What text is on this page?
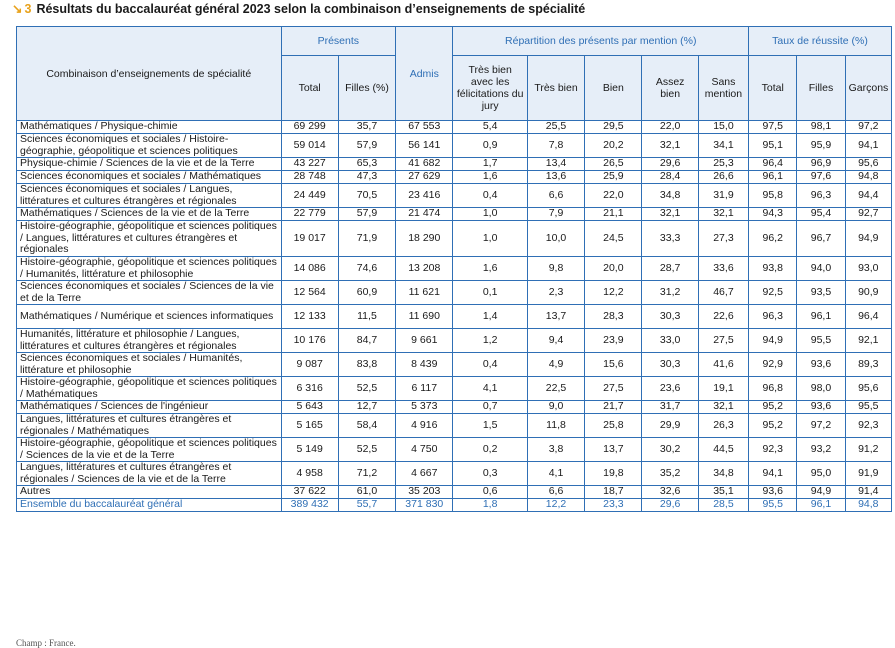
↘ 3 Résultats du baccalauréat général 2023 selon la combinaison d’enseignements de spécialité
Combinaison d’enseignements de spécialité	Présents		Admis	Répartition des présents par mention (%)					Taux de réussite (%)		
	Total	Filles (%)		Très bien avec les félicitations du jury	Très bien	Bien	Assez bien	Sans mention	Total	Filles	Garçons
Mathématiques / Physique-chimie	69 299	35,7	67 553	5,4	25,5	29,5	22,0	15,0	97,5	98,1	97,2
Sciences économiques et sociales / Histoire-géographie, géopolitique et sciences politiques	59 014	57,9	56 141	0,9	7,8	20,2	32,1	34,1	95,1	95,9	94,1
Physique-chimie / Sciences de la vie et de la Terre	43 227	65,3	41 682	1,7	13,4	26,5	29,6	25,3	96,4	96,9	95,6
Sciences économiques et sociales / Mathématiques	28 748	47,3	27 629	1,6	13,6	25,9	28,4	26,6	96,1	97,6	94,8
Sciences économiques et sociales / Langues, littératures et cultures étrangères et régionales	24 449	70,5	23 416	0,4	6,6	22,0	34,8	31,9	95,8	96,3	94,4
Mathématiques / Sciences de la vie et de la Terre	22 779	57,9	21 474	1,0	7,9	21,1	32,1	32,1	94,3	95,4	92,7
Histoire-géographie, géopolitique et sciences politiques / Langues, littératures et cultures étrangères et régionales	19 017	71,9	18 290	1,0	10,0	24,5	33,3	27,3	96,2	96,7	94,9
Histoire-géographie, géopolitique et sciences politiques / Humanités, littérature et philosophie	14 086	74,6	13 208	1,6	9,8	20,0	28,7	33,6	93,8	94,0	93,0
Sciences économiques et sociales / Sciences de la vie et de la Terre	12 564	60,9	11 621	0,1	2,3	12,2	31,2	46,7	92,5	93,5	90,9
Mathématiques / Numérique et sciences informatiques	12 133	11,5	11 690	1,4	13,7	28,3	30,3	22,6	96,3	96,1	96,4
Humanités, littérature et philosophie / Langues, littératures et cultures étrangères et régionales	10 176	84,7	9 661	1,2	9,4	23,9	33,0	27,5	94,9	95,5	92,1
Sciences économiques et sociales / Humanités, littérature et philosophie	9 087	83,8	8 439	0,4	4,9	15,6	30,3	41,6	92,9	93,6	89,3
Histoire-géographie, géopolitique et sciences politiques / Mathématiques	6 316	52,5	6 117	4,1	22,5	27,5	23,6	19,1	96,8	98,0	95,6
Mathématiques / Sciences de l'ingénieur	5 643	12,7	5 373	0,7	9,0	21,7	31,7	32,1	95,2	93,6	95,5
Langues, littératures et cultures étrangères et régionales / Mathématiques	5 165	58,4	4 916	1,5	11,8	25,8	29,9	26,3	95,2	97,2	92,3
Histoire-géographie, géopolitique et sciences politiques / Sciences de la vie et de la Terre	5 149	52,5	4 750	0,2	3,8	13,7	30,2	44,5	92,3	93,2	91,2
Langues, littératures et cultures étrangères et régionales / Sciences de la vie et de la Terre	4 958	71,2	4 667	0,3	4,1	19,8	35,2	34,8	94,1	95,0	91,9
Autres	37 622	61,0	35 203	0,6	6,6	18,7	32,6	35,1	93,6	94,9	91,4
Ensemble du baccalauréat général	389 432	55,7	371 830	1,8	12,2	23,3	29,6	28,5	95,5	96,1	94,8
Champ : France.
